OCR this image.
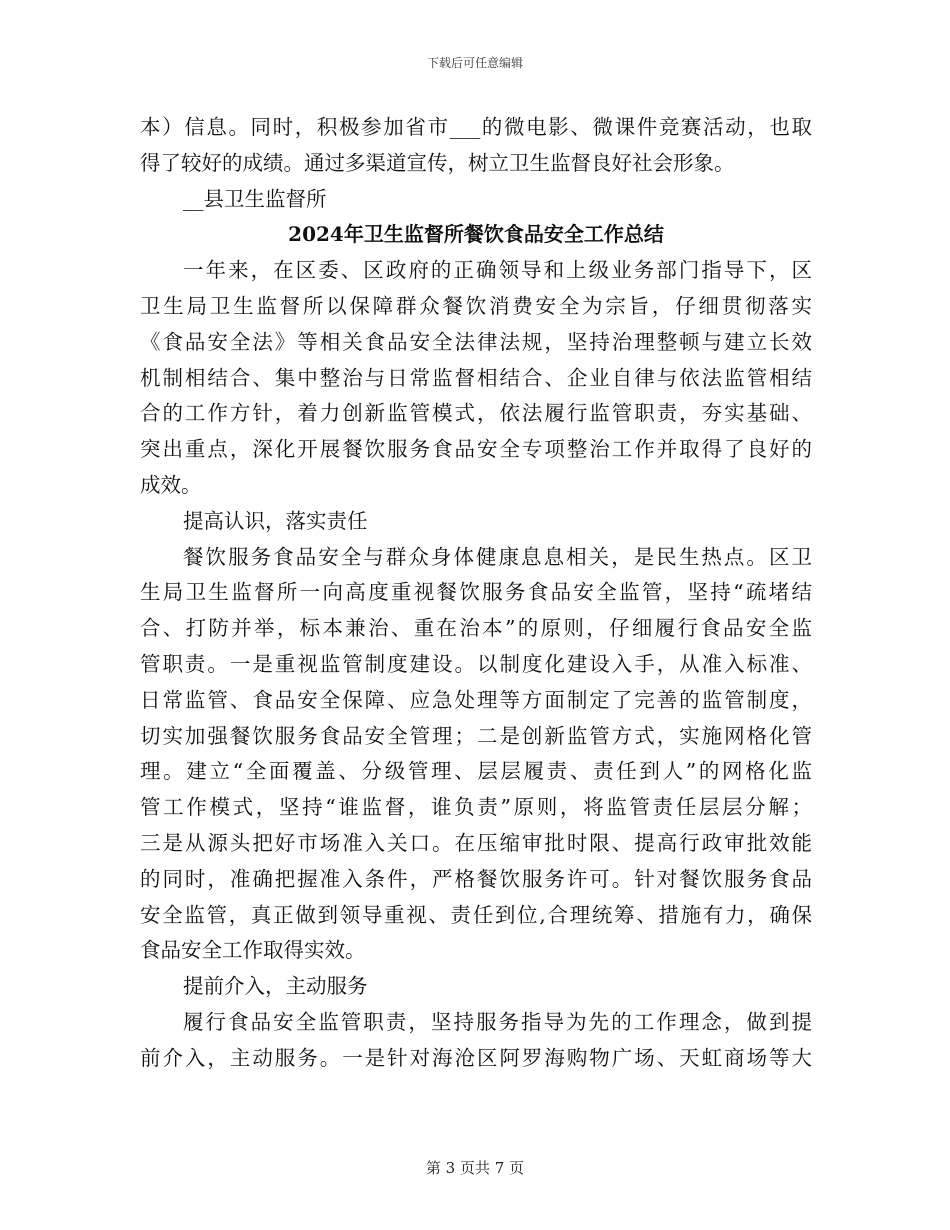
下载后可任意编辑
本）信息。同时，积极参加省市___的微电影、微课件竞赛活动，也取
得了较好的成绩。通过多渠道宣传，树立卫生监督良好社会形象。
__县卫生监督所
2024年卫生监督所餐饮食品安全工作总结
一年来，在区委、区政府的正确领导和上级业务部门指导下，区
卫生局卫生监督所以保障群众餐饮消费安全为宗旨，仔细贯彻落实
《食品安全法》等相关食品安全法律法规，坚持治理整顿与建立长效
机制相结合、集中整治与日常监督相结合、企业自律与依法监管相结
合的工作方针，着力创新监管模式，依法履行监管职责，夯实基础、
突出重点，深化开展餐饮服务食品安全专项整治工作并取得了良好的
成效。
提高认识，落实责任
餐饮服务食品安全与群众身体健康息息相关，是民生热点。区卫
生局卫生监督所一向高度重视餐饮服务食品安全监管，坚持“疏堵结
合、打防并举，标本兼治、重在治本”的原则，仔细履行食品安全监
管职责。一是重视监管制度建设。以制度化建设入手，从准入标准、
日常监管、食品安全保障、应急处理等方面制定了完善的监管制度，
切实加强餐饮服务食品安全管理；二是创新监管方式，实施网格化管
理。建立“全面覆盖、分级管理、层层履责、责任到人”的网格化监
管工作模式，坚持“谁监督，谁负责”原则，将监管责任层层分解；
三是从源头把好市场准入关口。在压缩审批时限、提高行政审批效能
的同时，准确把握准入条件，严格餐饮服务许可。针对餐饮服务食品
安全监管，真正做到领导重视、责任到位,合理统筹、措施有力，确保
食品安全工作取得实效。
提前介入，主动服务
履行食品安全监管职责，坚持服务指导为先的工作理念，做到提
前介入，主动服务。一是针对海沧区阿罗海购物广场、天虹商场等大
第 3 页共 7 页
